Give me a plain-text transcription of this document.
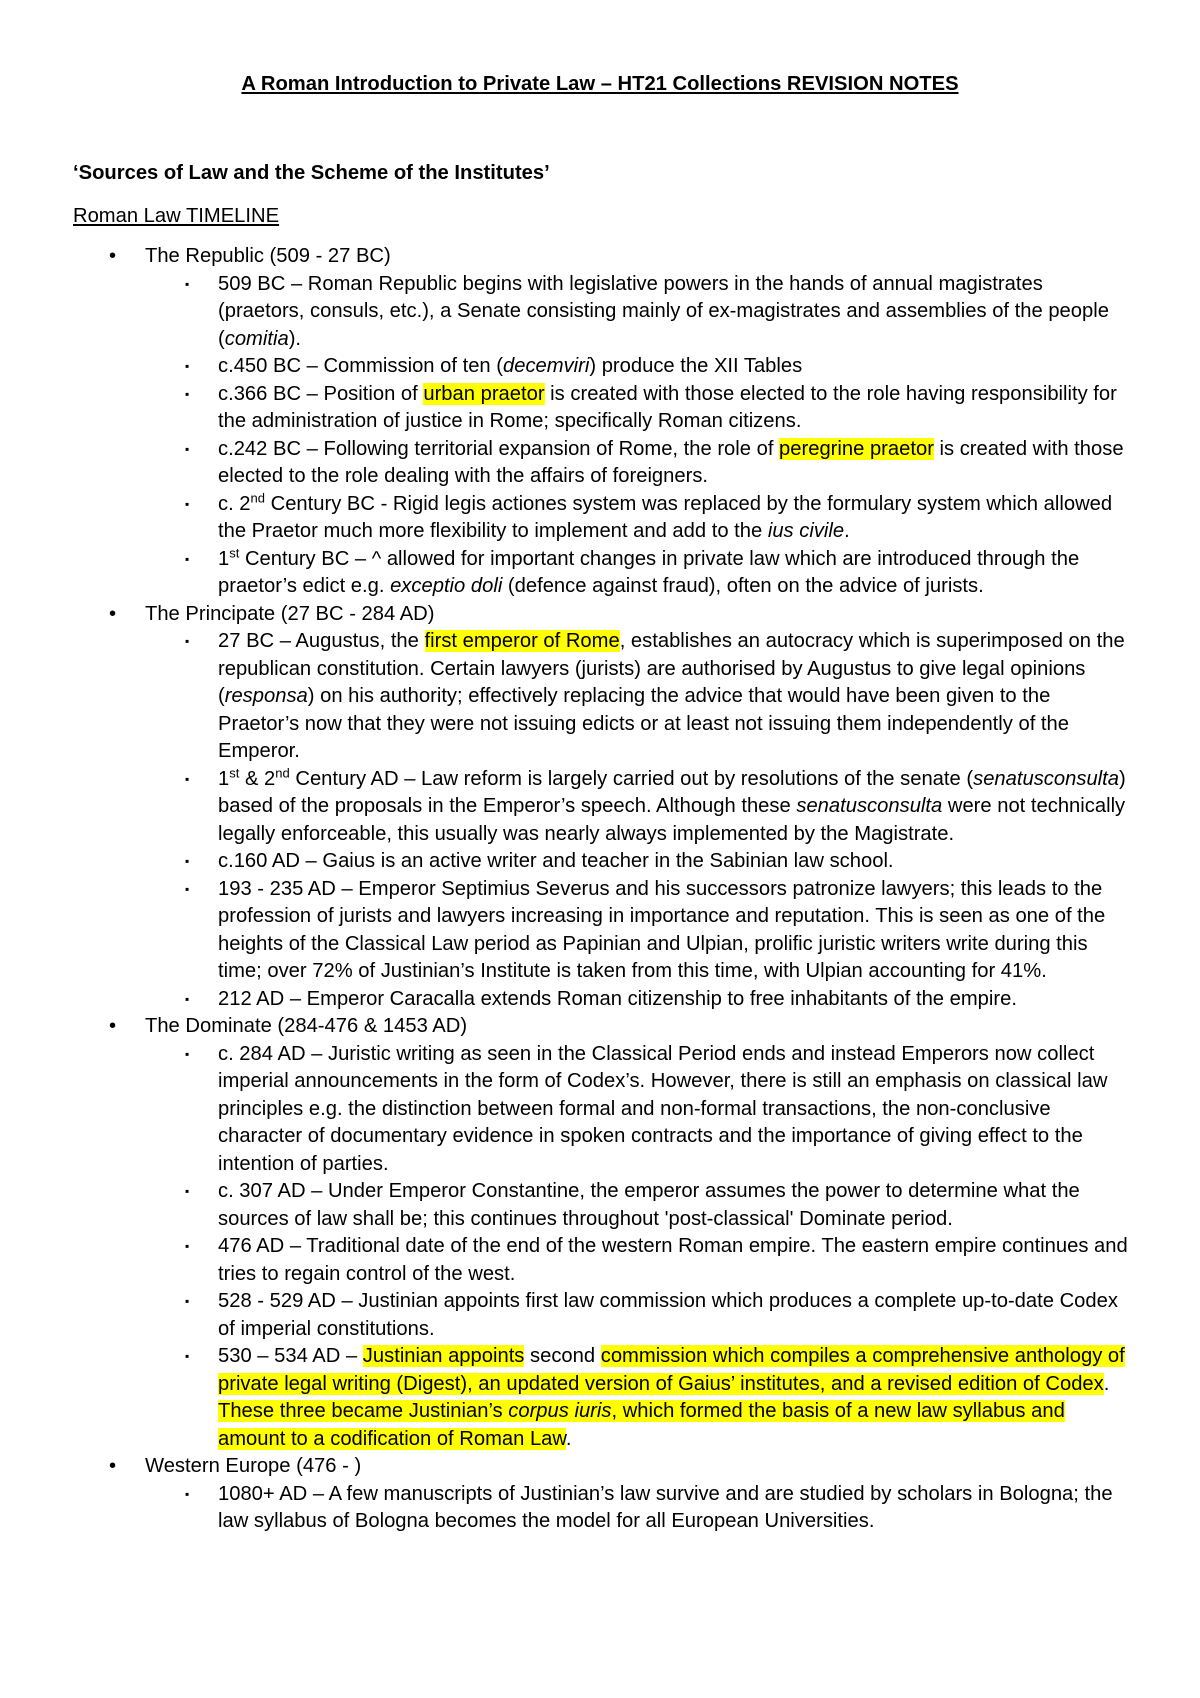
A Roman Introduction to Private Law – HT21 Collections REVISION NOTES
‘Sources of Law and the Scheme of the Institutes’
Roman Law TIMELINE
• The Republic (509 - 27 BC)
▪ 509 BC – Roman Republic begins with legislative powers in the hands of annual magistrates (praetors, consuls, etc.), a Senate consisting mainly of ex-magistrates and assemblies of the people (comitia).
▪ c.450 BC – Commission of ten (decemviri) produce the XII Tables
▪ c.366 BC – Position of urban praetor is created with those elected to the role having responsibility for the administration of justice in Rome; specifically Roman citizens.
▪ c.242 BC – Following territorial expansion of Rome, the role of peregrine praetor is created with those elected to the role dealing with the affairs of foreigners.
▪ c. 2nd Century BC - Rigid legis actiones system was replaced by the formulary system which allowed the Praetor much more flexibility to implement and add to the ius civile.
▪ 1st Century BC – ^ allowed for important changes in private law which are introduced through the praetor’s edict e.g. exceptio doli (defence against fraud), often on the advice of jurists.
• The Principate (27 BC - 284 AD)
▪ 27 BC – Augustus, the first emperor of Rome, establishes an autocracy which is superimposed on the republican constitution. Certain lawyers (jurists) are authorised by Augustus to give legal opinions (responsa) on his authority; effectively replacing the advice that would have been given to the Praetor’s now that they were not issuing edicts or at least not issuing them independently of the Emperor.
▪ 1st & 2nd Century AD – Law reform is largely carried out by resolutions of the senate (senatusconsulta) based of the proposals in the Emperor’s speech. Although these senatusconsulta were not technically legally enforceable, this usually was nearly always implemented by the Magistrate.
▪ c.160 AD – Gaius is an active writer and teacher in the Sabinian law school.
▪ 193 - 235 AD – Emperor Septimius Severus and his successors patronize lawyers; this leads to the profession of jurists and lawyers increasing in importance and reputation. This is seen as one of the heights of the Classical Law period as Papinian and Ulpian, prolific juristic writers write during this time; over 72% of Justinian’s Institute is taken from this time, with Ulpian accounting for 41%.
▪ 212 AD – Emperor Caracalla extends Roman citizenship to free inhabitants of the empire.
• The Dominate (284-476 & 1453 AD)
▪ c. 284 AD – Juristic writing as seen in the Classical Period ends and instead Emperors now collect imperial announcements in the form of Codex’s. However, there is still an emphasis on classical law principles e.g. the distinction between formal and non-formal transactions, the non-conclusive character of documentary evidence in spoken contracts and the importance of giving effect to the intention of parties.
▪ c. 307 AD – Under Emperor Constantine, the emperor assumes the power to determine what the sources of law shall be; this continues throughout 'post-classical' Dominate period.
▪ 476 AD – Traditional date of the end of the western Roman empire. The eastern empire continues and tries to regain control of the west.
▪ 528 - 529 AD – Justinian appoints first law commission which produces a complete up-to-date Codex of imperial constitutions.
▪ 530 – 534 AD – Justinian appoints second commission which compiles a comprehensive anthology of private legal writing (Digest), an updated version of Gaius’ institutes, and a revised edition of Codex. These three became Justinian’s corpus iuris, which formed the basis of a new law syllabus and amount to a codification of Roman Law.
• Western Europe (476 - )
▪ 1080+ AD – A few manuscripts of Justinian’s law survive and are studied by scholars in Bologna; the law syllabus of Bologna becomes the model for all European Universities.
